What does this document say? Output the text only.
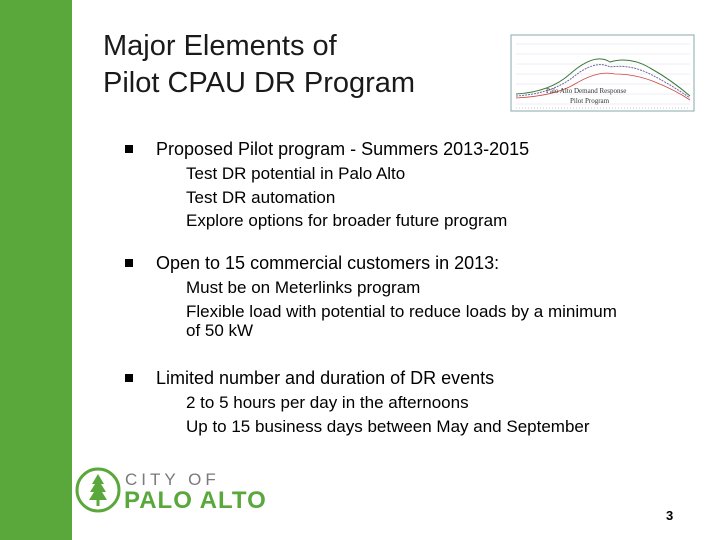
Major Elements of
Pilot CPAU DR Program	Palo Alto Demand Response
Pilot Program
Proposed Pilot program - Summers 2013-2015
Test DR potential in Palo Alto
Test DR automation
Explore options for broader future program
Open to 15 commercial customers in 2013:
Must be on Meterlinks program
Flexible load with potential to reduce loads by a minimum of 50 kW
Limited number and duration of DR events
2 to 5 hours per day in the afternoons
Up to 15 business days between May and September
CITY OF
PALO ALTO
3
